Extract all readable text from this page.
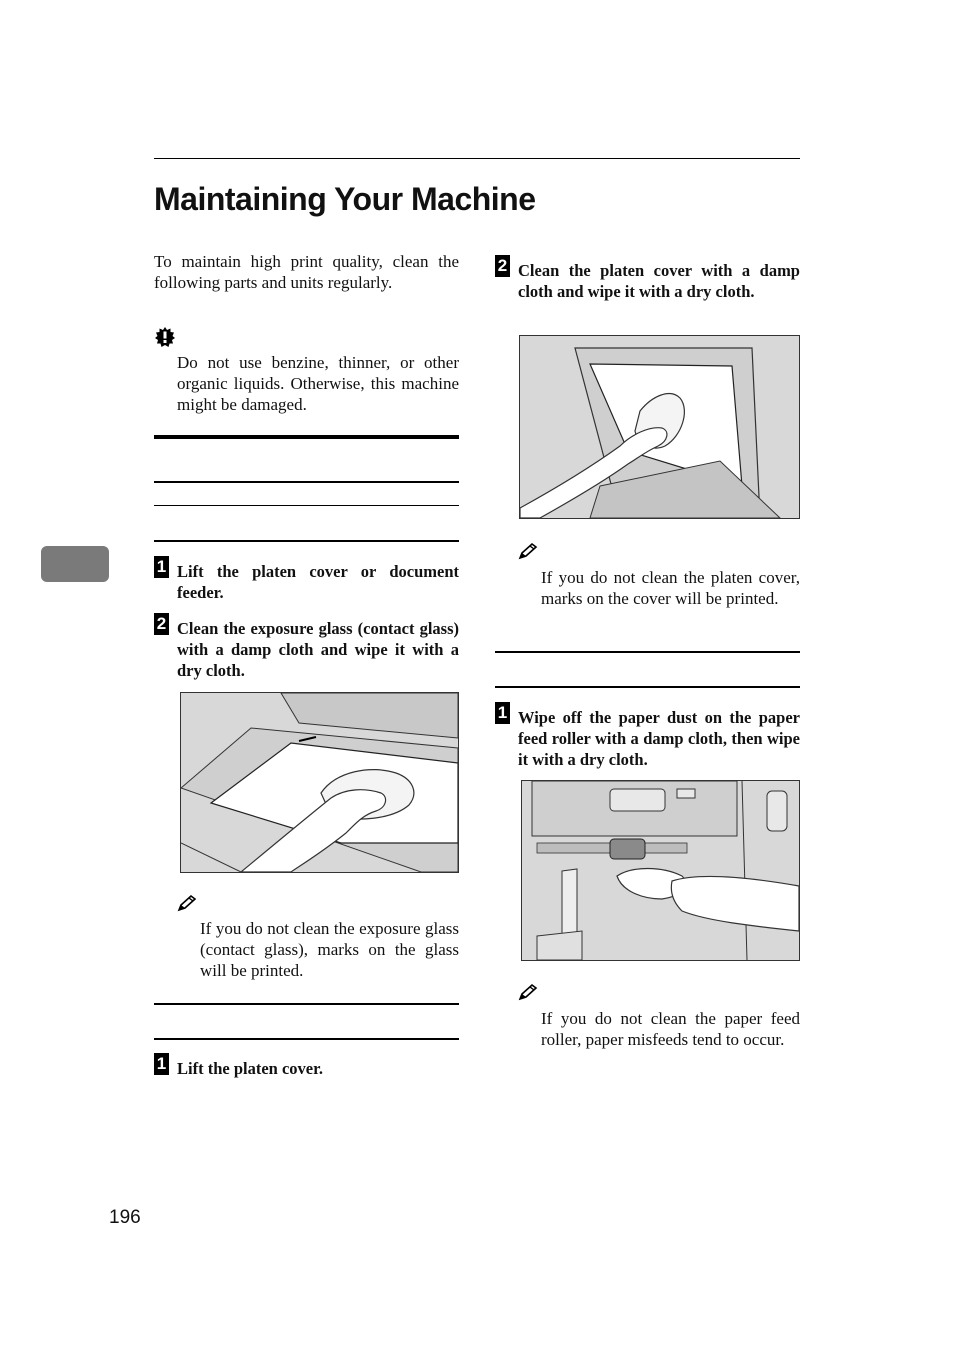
Maintaining Your Machine
To maintain high print quality, clean the following parts and units regularly.
Do not use benzine, thinner, or other organic liquids. Otherwise, this machine might be damaged.
1 Lift the platen cover or document feeder.
2 Clean the exposure glass (contact glass) with a damp cloth and wipe it with a dry cloth.
If you do not clean the exposure glass (contact glass), marks on the glass will be printed.
1 Lift the platen cover.
2 Clean the platen cover with a damp cloth and wipe it with a dry cloth.
If you do not clean the platen cover, marks on the cover will be printed.
1 Wipe off the paper dust on the paper feed roller with a damp cloth, then wipe it with a dry cloth.
If you do not clean the paper feed roller, paper misfeeds tend to occur.
196
